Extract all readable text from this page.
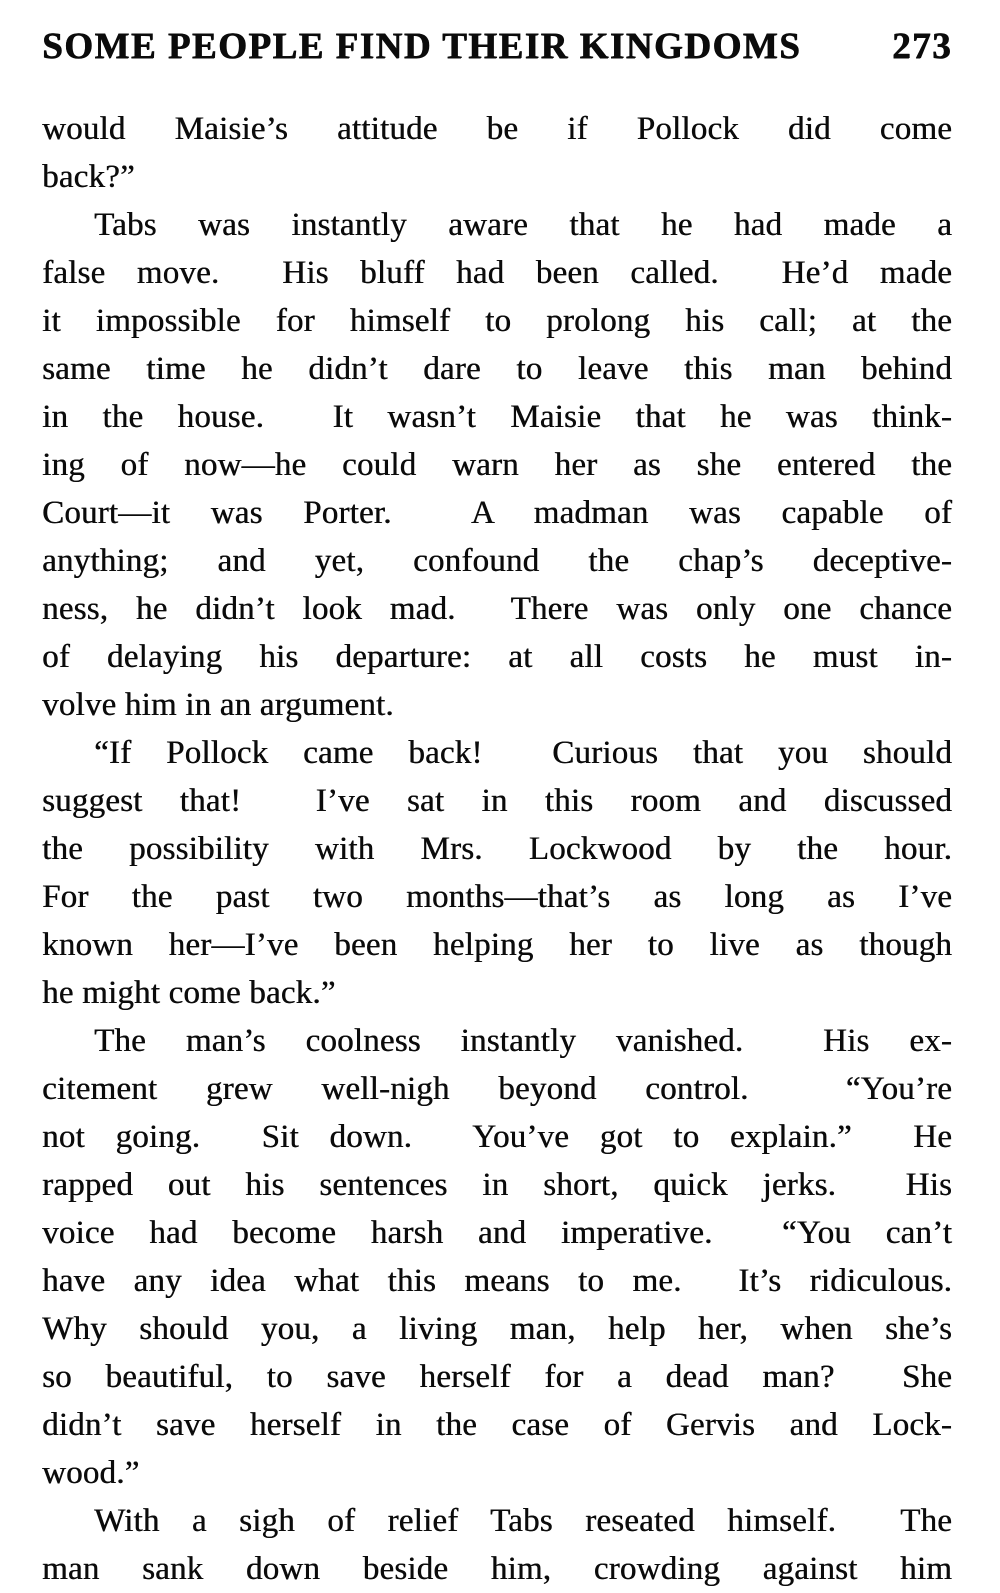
SOME PEOPLE FIND THEIR KINGDOMS 273
would Maisie’s attitude be if Pollock did come
back?”
Tabs was instantly aware that he had made a
false move.  His bluff had been called.  He’d made
it impossible for himself to prolong his call; at the
same time he didn’t dare to leave this man behind
in the house.  It wasn’t Maisie that he was think-
ing of now—he could warn her as she entered the
Court—it was Porter.  A madman was capable of
anything; and yet, confound the chap’s deceptive-
ness, he didn’t look mad.  There was only one chance
of delaying his departure: at all costs he must in-
volve him in an argument.
“If Pollock came back!  Curious that you should
suggest that!  I’ve sat in this room and discussed
the possibility with Mrs. Lockwood by the hour.
For the past two months—that’s as long as I’ve
known her—I’ve been helping her to live as though
he might come back.”
The man’s coolness instantly vanished.  His ex-
citement grew well-nigh beyond control.  “You’re
not going.  Sit down.  You’ve got to explain.”  He
rapped out his sentences in short, quick jerks.  His
voice had become harsh and imperative.  “You can’t
have any idea what this means to me.  It’s ridiculous.
Why should you, a living man, help her, when she’s
so beautiful, to save herself for a dead man?  She
didn’t save herself in the case of Gervis and Lock-
wood.”
With a sigh of relief Tabs reseated himself.  The
man sank down beside him, crowding against him
